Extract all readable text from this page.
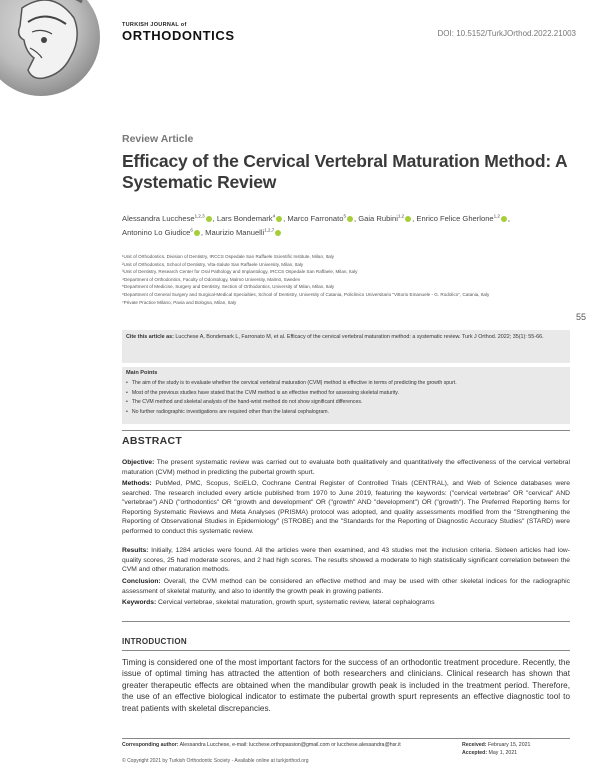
TURKISH JOURNAL of
ORTHODONTICS	DOI: 10.5152/TurkJOrthod.2022.21003
Review Article
Efficacy of the Cervical Vertebral Maturation Method: A Systematic Review
Alessandra Lucchese$^{1,2,3}$ , Lars Bondemark$^4$ , Marco Farronato$^5$ , Gaia Rubini$^{1,2}$ , Enrico Felice Gherlone$^{1,2}$ ,
Antonino Lo Giudice$^6$ , Maurizio Manuelli$^{1,2,7}$

¹Unit of Orthodontics, Division of Dentistry, IRCCS Ospedale San Raffaele Scientific Institute, Milan, Italy

²Unit of Orthodontics, School of Dentistry, Vita-Salute San Raffaele University, Milan, Italy

³Unit of Dentistry, Research Center for Oral Pathology and Implantology, IRCCS Ospedale San Raffaele, Milan, Italy

⁴Department of Orthodontics, Faculty of Odontology, Malmö University, Malmö, Sweden

⁵Department of Medicine, Surgery and Dentistry, Section of Orthodontics, University of Milan, Milan, Italy

⁶Department of General Surgery and Surgical-Medical Specialties, School of Dentistry, University of Catania, Policlinico Universitario "Vittorio Emanuele - G. Rodolico", Catania, Italy

⁷Private Practice Milano, Pavia and Bologna, Milan, Italy

55
Cite this article as: Lucchese A, Bondemark L, Farronato M, et al. Efficacy of the cervical vertebral maturation method: a systematic review. Turk J Orthod. 2022; 35(1): 55-66.
Main Points
• The aim of the study is to evaluate whether the cervical vertebral maturation (CVM) method is effective in terms of predicting the growth spurt.
• Most of the previous studies have stated that the CVM method is an effective method for assessing skeletal maturity.
• The CVM method and skeletal analysis of the hand-wrist method do not show significant differences.
• No further radiographic investigations are required other than the lateral cephalogram.
ABSTRACT
Objective: The present systematic review was carried out to evaluate both qualitatively and quantitatively the effectiveness of the cervical vertebral maturation (CVM) method in predicting the pubertal growth spurt.
Methods: PubMed, PMC, Scopus, SciELO, Cochrane Central Register of Controlled Trials (CENTRAL), and Web of Science databases were searched. The research included every article published from 1970 to June 2019, featuring the keywords: ("cervical vertebrae" OR "cervical" AND "vertebrae") AND ("orthodontics" OR "growth and development" OR ("growth" AND "development") OR ("growth"). The Preferred Reporting Items for Reporting Systematic Reviews and Meta Analyses (PRISMA) protocol was adopted, and quality assessments modified from the "Strengthening the Reporting of Observational Studies in Epidemiology" (STROBE) and the "Standards for the Reporting of Diagnostic Accuracy Studies" (STARD) were performed to conduct this systematic review.
Results: Initially, 1284 articles were found. All the articles were then examined, and 43 studies met the inclusion criteria. Sixteen articles had low-quality scores, 25 had moderate scores, and 2 had high scores. The results showed a moderate to high statistically significant correlation between the CVM and other maturation methods.
Conclusion: Overall, the CVM method can be considered an effective method and may be used with other skeletal indices for the radiographic assessment of skeletal maturity, and also to identify the growth peak in growing patients.
Keywords: Cervical vertebrae, skeletal maturation, growth spurt, systematic review, lateral cephalograms
INTRODUCTION
Timing is considered one of the most important factors for the success of an orthodontic treatment procedure. Recently, the issue of optimal timing has attracted the attention of both researchers and clinicians. Clinical research has shown that greater therapeutic effects are obtained when the mandibular growth peak is included in the treatment period. Therefore, the use of an effective biological indicator to estimate the pubertal growth spurt represents an effective diagnostic tool to treat patients with skeletal discrepancies.
Corresponding author: Alessandra Lucchese, e-mail: lucchese.orthopassion@gmail.com or lucchese.alessandra@hsr.it	Received: February 15, 2021
Accepted: May 1, 2021
© Copyright 2021 by Turkish Orthodontic Society - Available online at turkjorthod.org
